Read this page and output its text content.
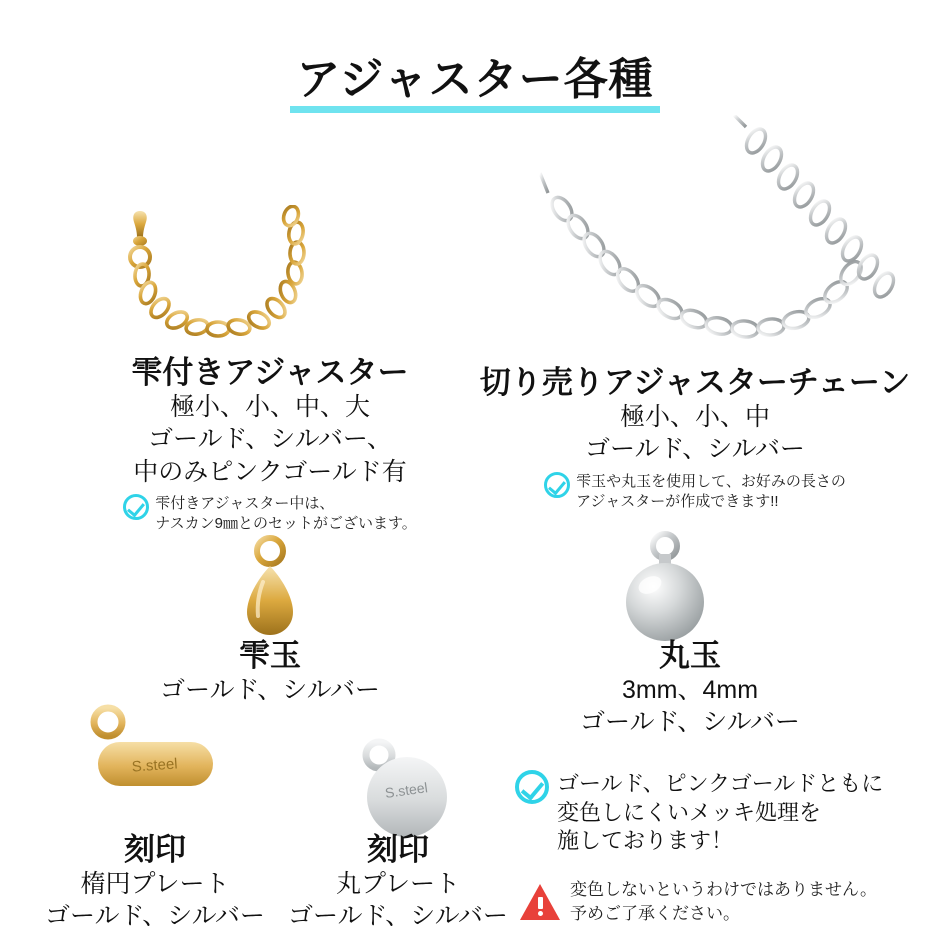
アジャスター各種
S.steel
S.steel
雫付きアジャスター
極小、小、中、大
ゴールド、シルバー、
中のみピンクゴールド有
雫付きアジャスター中は、
ナスカン9㎜とのセットがございます。
切り売りアジャスターチェーン
極小、小、中
ゴールド、シルバー
雫玉や丸玉を使用して、お好みの長さの
アジャスターが作成できます!!
雫玉
ゴールド、シルバー
丸玉
3mm、4mm
ゴールド、シルバー
刻印
楕円プレート
ゴールド、シルバー
刻印
丸プレート
ゴールド、シルバー
ゴールド、ピンクゴールドともに
変色しにくいメッキ処理を
施しております！
変色しないというわけではありません。
予めご了承ください。
